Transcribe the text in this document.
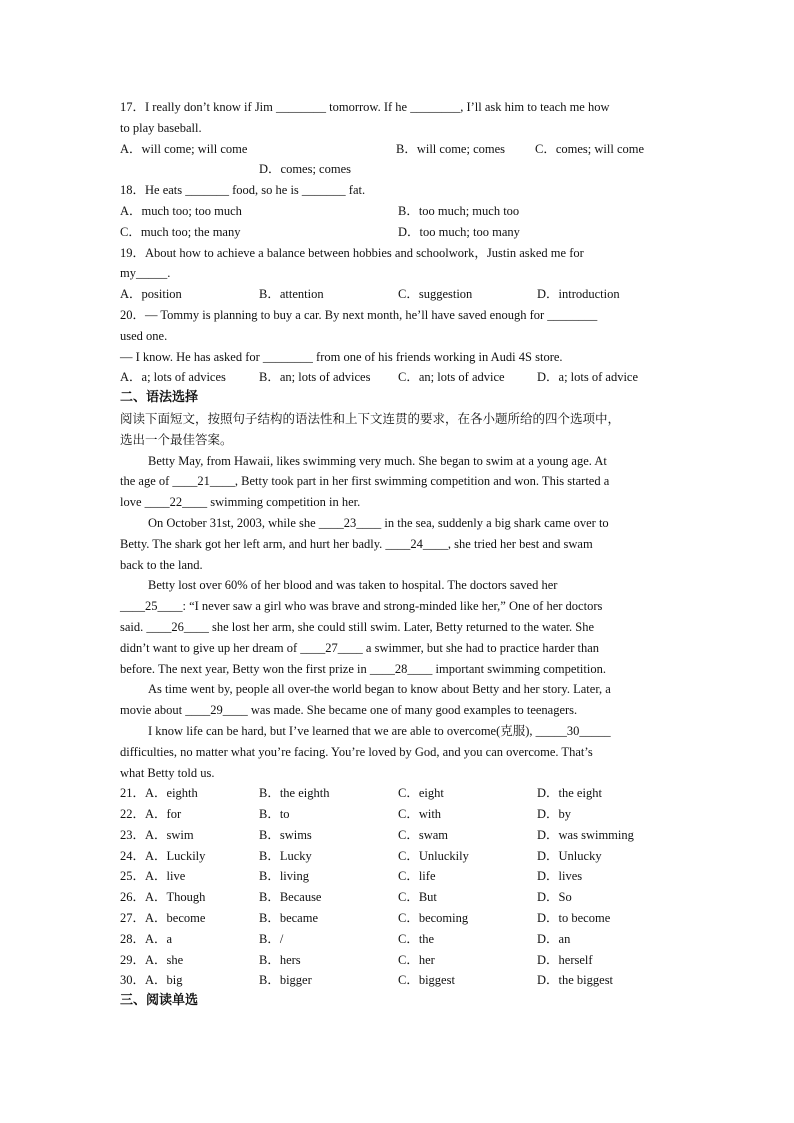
17．I really don’t know if Jim ________ tomorrow. If he ________, I’ll ask him to teach me how
to play baseball.
A．will come; will come	B．will come; comes	C．comes; will come
D．comes; comes
18．He eats _______ food, so he is _______ fat.
A．much too; too much	B．too much; much too
C．much too; the many	D．too much; too many
19．About how to achieve a balance between hobbies and schoolwork，Justin asked me for
my_____.
A．position	B．attention	C．suggestion	D．introduction
20．— Tommy is planning to buy a car. By next month, he’ll have saved enough for ________
used one.
— I know. He has asked for ________ from one of his friends working in Audi 4S store.
A．a; lots of advices	B．an; lots of advices	C．an; lots of advice	D．a; lots of advice
二、语法选择
阅读下面短文，按照句子结构的语法性和上下文连贯的要求，在各小题所给的四个选项中，
选出一个最佳答案。
Betty May, from Hawaii, likes swimming very much. She began to swim at a young age. At
the age of ____21____, Betty took part in her first swimming competition and won. This started a
love ____22____ swimming competition in her.
On October 31st, 2003, while she ____23____ in the sea, suddenly a big shark came over to
Betty. The shark got her left arm, and hurt her badly. ____24____, she tried her best and swam
back to the land.
Betty lost over 60% of her blood and was taken to hospital. The doctors saved her
____25____: “I never saw a girl who was brave and strong-minded like her,” One of her doctors
said. ____26____ she lost her arm, she could still swim. Later, Betty returned to the water. She
didn’t want to give up her dream of ____27____ a swimmer, but she had to practice harder than
before. The next year, Betty won the first prize in ____28____ important swimming competition.
As time went by, people all over-the world began to know about Betty and her story. Later, a
movie about ____29____ was made. She became one of many good examples to teenagers.
I know life can be hard, but I’ve learned that we are able to overcome(克服), _____30_____
difficulties, no matter what you’re facing. You’re loved by God, and you can overcome. That’s
what Betty told us.
21．A．eighth	B．the eighth	C．eight	D．the eight
22．A．for	B．to	C．with	D．by
23．A．swim	B．swims	C．swam	D．was swimming
24．A．Luckily	B．Lucky	C．Unluckily	D．Unlucky
25．A．live	B．living	C．life	D．lives
26．A．Though	B．Because	C．But	D．So
27．A．become	B．became	C．becoming	D．to become
28．A．a	B．/	C．the	D．an
29．A．she	B．hers	C．her	D．herself
30．A．big	B．bigger	C．biggest	D．the biggest
三、阅读单选
